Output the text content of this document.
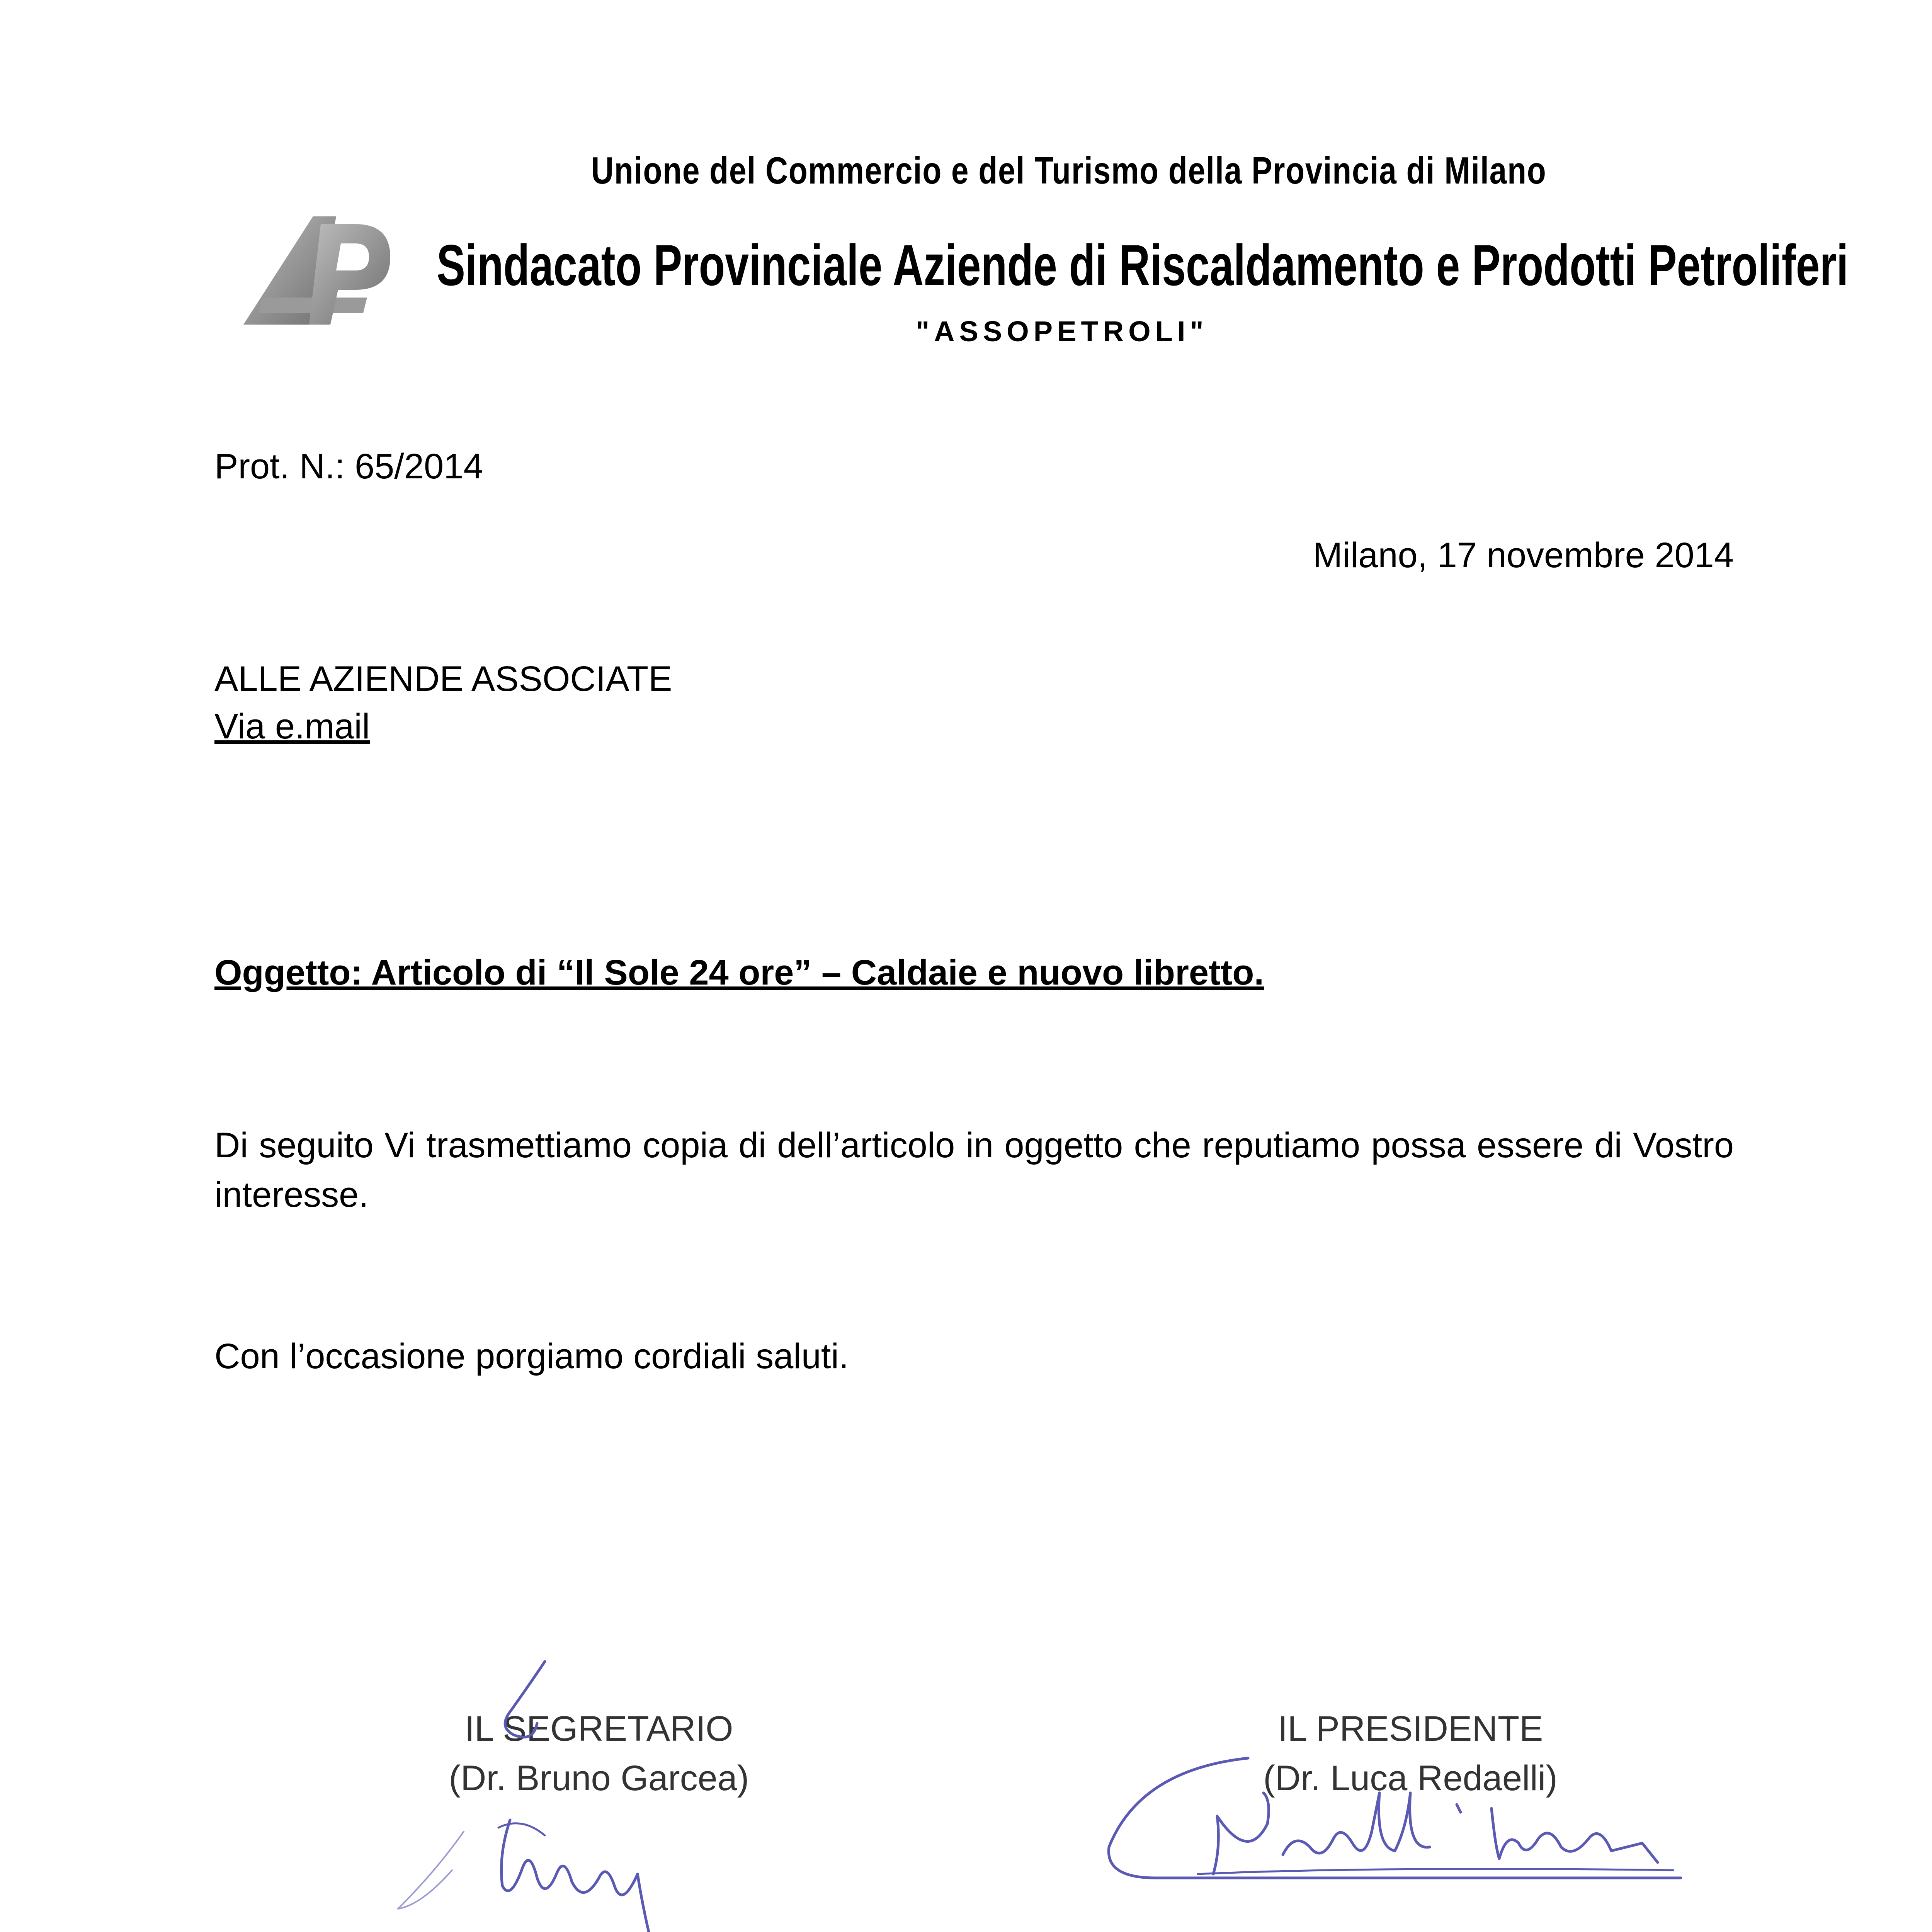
Unione del Commercio e del Turismo della Provincia di Milano
Sindacato Provinciale Aziende di Riscaldamento e Prodotti Petroliferi
"ASSOPETROLI"
Prot. N.: 65/2014
Milano, 17 novembre 2014
ALLE AZIENDE ASSOCIATE
Via e.mail
Oggetto: Articolo di “Il Sole 24 ore” – Caldaie e nuovo libretto.
Di seguito Vi trasmettiamo copia di dell’articolo in oggetto che reputiamo possa essere di Vostro interesse.
Con l’occasione porgiamo cordiali saluti.
IL SEGRETARIO
(Dr. Bruno Garcea)
IL PRESIDENTE
(Dr. Luca Redaelli)
